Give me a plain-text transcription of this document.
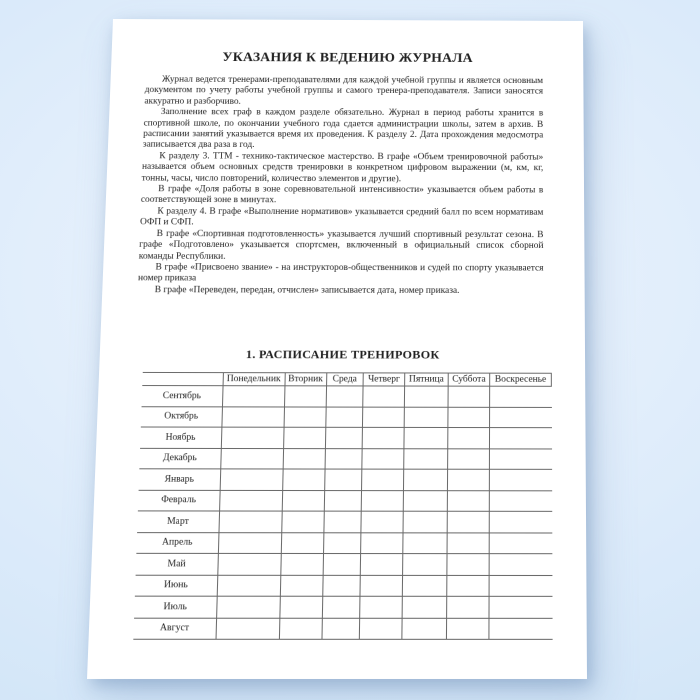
УКАЗАНИЯ К ВЕДЕНИЮ ЖУРНАЛА

Журнал ведется тренерами-преподавателями для каждой учебной группы и является основным документом по учету работы учебной группы и самого тренера-преподавателя. Записи заносятся аккуратно и разборчиво.

Заполнение всех граф в каждом разделе обязательно. Журнал в период работы хранится в спортивной школе, по окончании учебного года сдается администрации школы, затем в архив. В расписании занятий указывается время их проведения. К разделу 2. Дата прохождения медосмотра записывается два раза в год.

К разделу 3. ТТМ - технико-тактическое мастерство. В графе «Объем тренировочной работы» называется объем основных средств тренировки в конкретном цифровом выражении (м, км, кг, тонны, часы, число повторений, количество элементов и другие).

В графе «Доля работы в зоне соревновательной интенсивности» указывается объем работы в соответствующей зоне в минутах.

К разделу 4. В графе «Выполнение нормативов» указывается средний балл по всем нормативам ОФП и СФП.

В графе «Спортивная подготовленность» указывается лучший спортивный результат сезона. В графе «Подготовлено» указывается спортсмен, включенный в официальный список сборной команды Республики.

В графе «Присвоено звание» - на инструкторов-общественников и судей по спорту указывается номер приказа

В графе «Переведен, передан, отчислен» записывается дата, номер приказа.

1. РАСПИСАНИЕ ТРЕНИРОВОК
	Понедельник	Вторник	Среда	Четверг	Пятница	Суббота	Воскресенье
Сентябрь							
Октябрь							
Ноябрь							
Декабрь							
Январь							
Февраль							
Март							
Апрель							
Май							
Июнь							
Июль							
Август							
